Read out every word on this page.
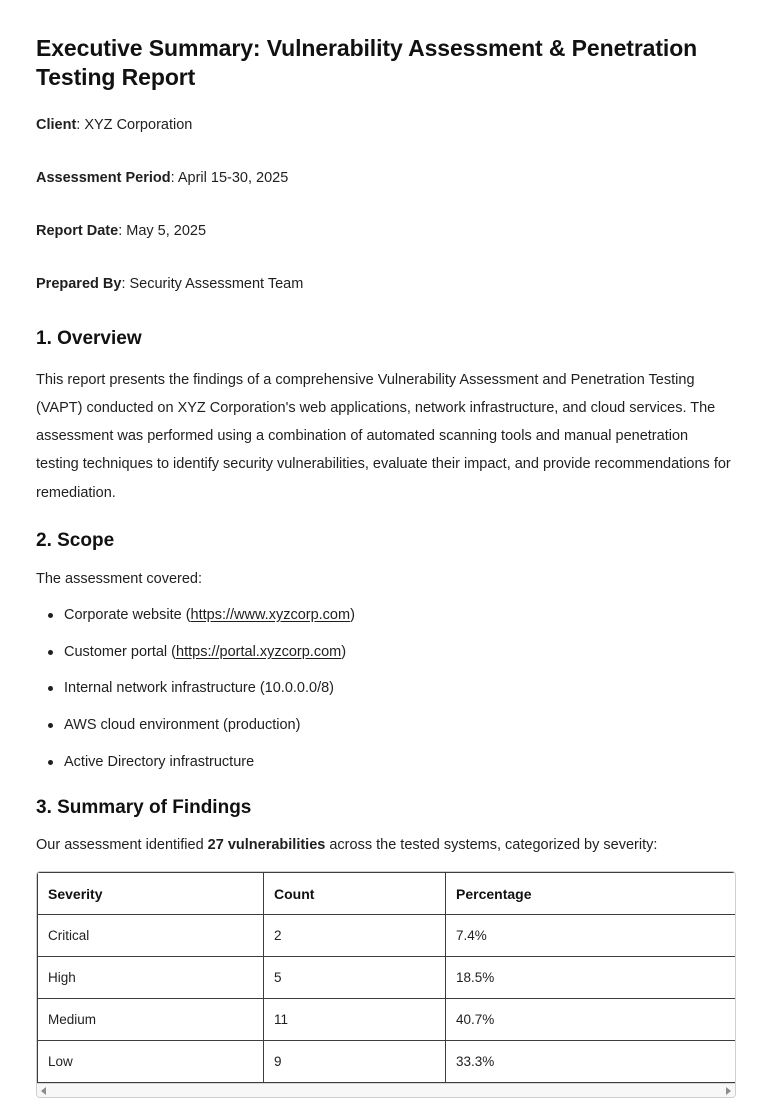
Executive Summary: Vulnerability Assessment & Penetration Testing Report

Client: XYZ Corporation

Assessment Period: April 15-30, 2025

Report Date: May 5, 2025

Prepared By: Security Assessment Team

1. Overview

This report presents the findings of a comprehensive Vulnerability Assessment and Penetration Testing (VAPT) conducted on XYZ Corporation's web applications, network infrastructure, and cloud services. The assessment was performed using a combination of automated scanning tools and manual penetration testing techniques to identify security vulnerabilities, evaluate their impact, and provide recommendations for remediation.

2. Scope

The assessment covered:

Corporate website (https://www.xyzcorp.com)
Customer portal (https://portal.xyzcorp.com)
Internal network infrastructure (10.0.0.0/8)
AWS cloud environment (production)
Active Directory infrastructure
3. Summary of Findings

Our assessment identified 27 vulnerabilities across the tested systems, categorized by severity:

Severity	Count	Percentage
Critical	2	7.4%
High	5	18.5%
Medium	11	40.7%
Low	9	33.3%
